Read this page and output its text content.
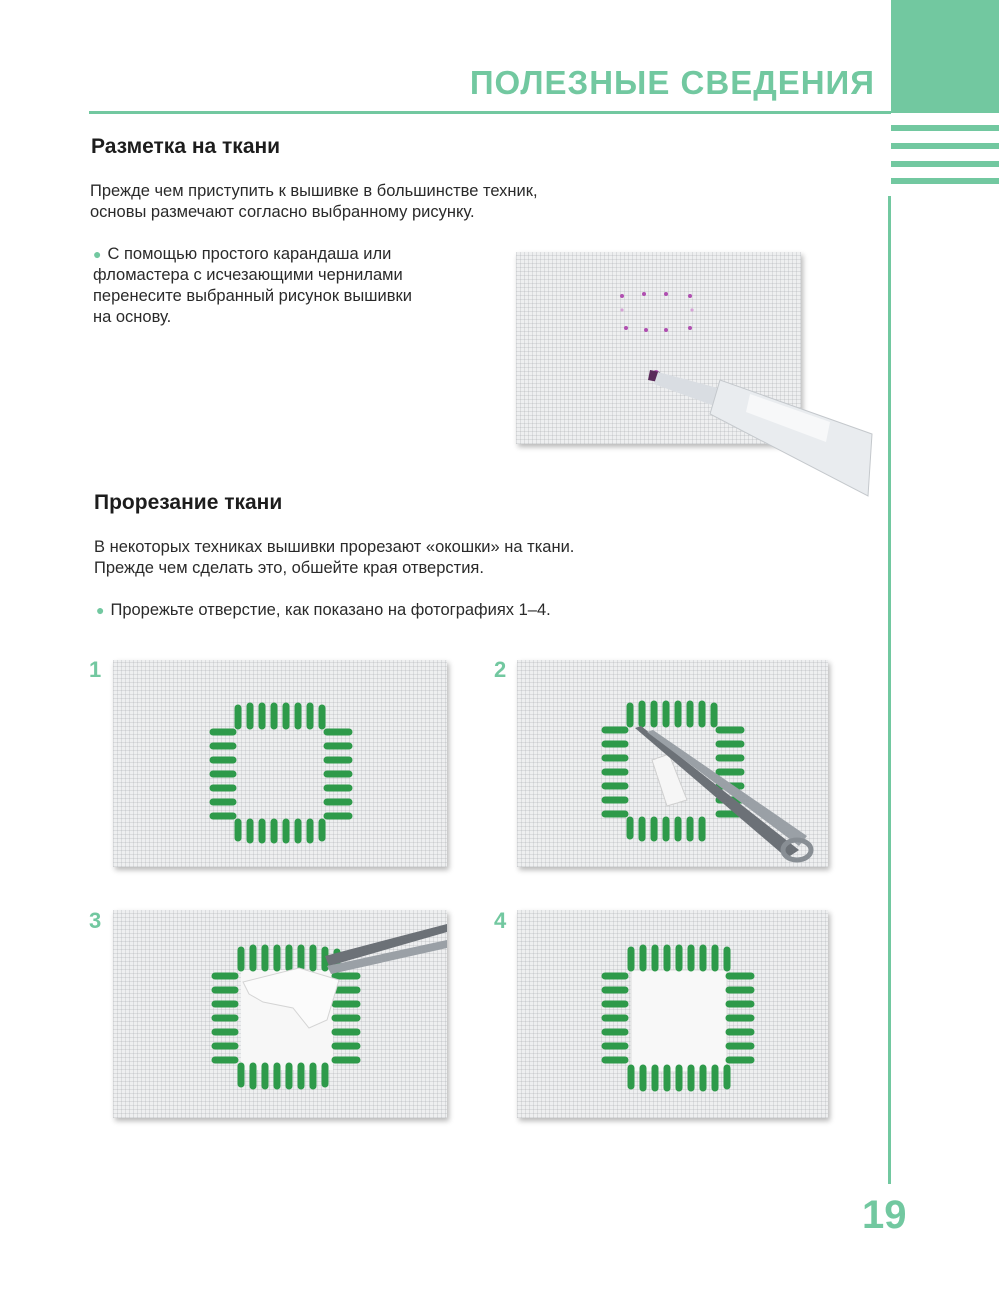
ПОЛЕЗНЫЕ СВЕДЕНИЯ
Разметка на ткани

Прежде чем приступить к вышивке в большинстве техник,
основы размечают согласно выбранному рисунку.

● С помощью простого карандаша или
фломастера с исчезающими чернилами
перенесите выбранный рисунок вышивки
на основу.

Прорезание ткани

В некоторых техниках вышивки прорезают «окошки» на ткани.
Прежде чем сделать это, обшейте края отверстия.

● Прорежьте отверстие, как показано на фотографиях 1–4.

1	2
3	4
19
